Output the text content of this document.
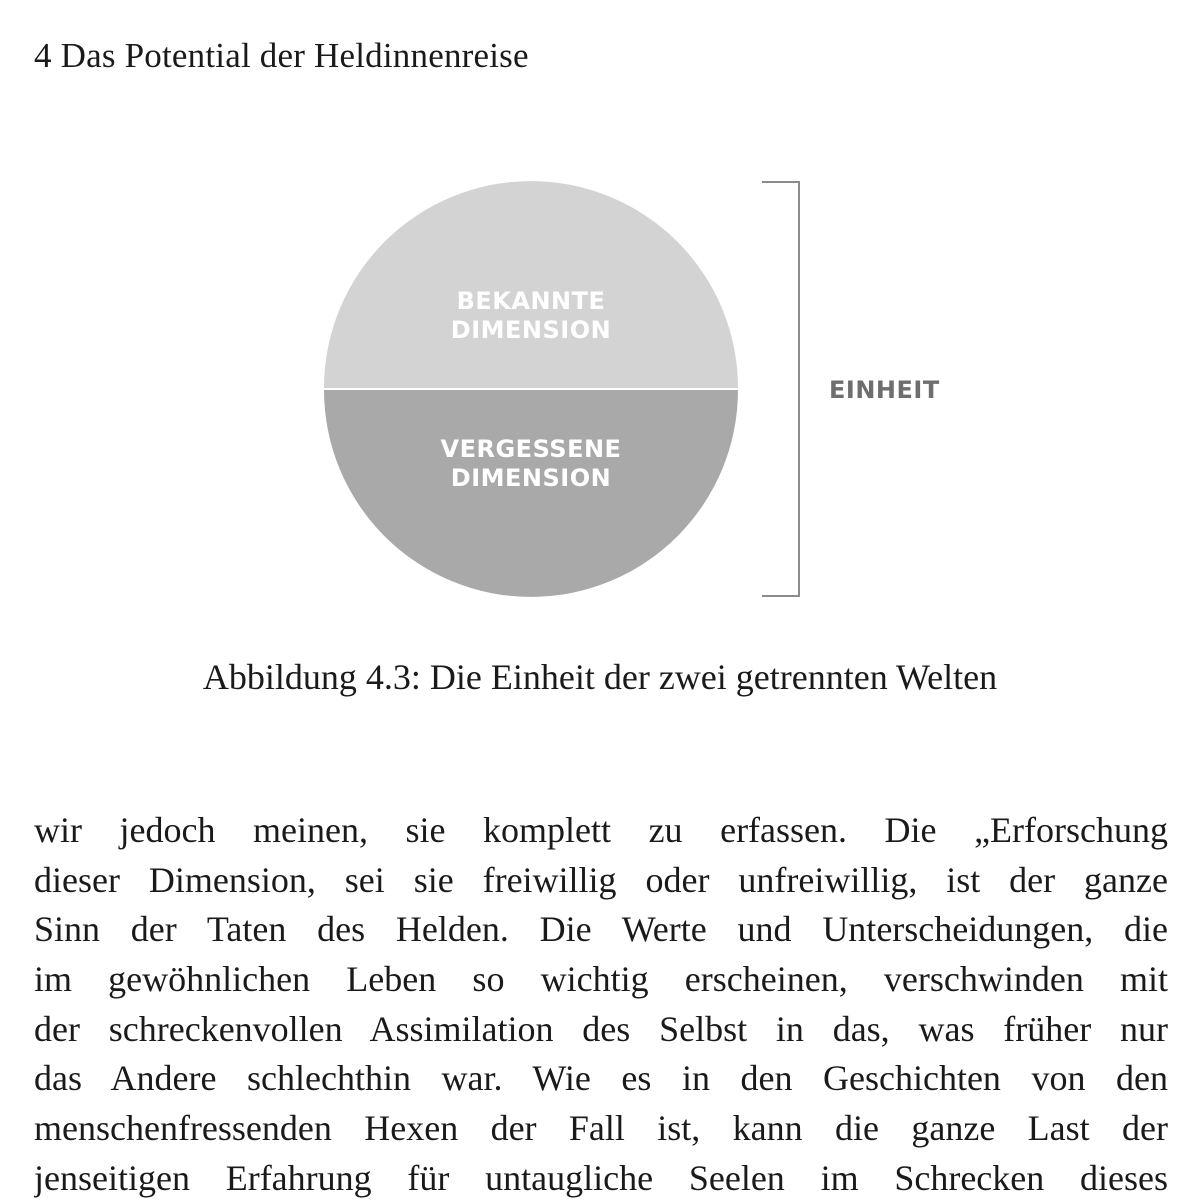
4 Das Potential der Heldinnenreise
BEKANNTE
DIMENSION
VERGESSENE
DIMENSION
EINHEIT
Abbildung 4.3: Die Einheit der zwei getrennten Welten
wir jedoch meinen, sie komplett zu erfassen. Die „Erforschung
dieser Dimension, sei sie freiwillig oder unfreiwillig, ist der ganze
Sinn der Taten des Helden. Die Werte und Unterscheidungen, die
im gewöhnlichen Leben so wichtig erscheinen, verschwinden mit
der schreckenvollen Assimilation des Selbst in das, was früher nur
das Andere schlechthin war. Wie es in den Geschichten von den
menschenfressenden Hexen der Fall ist, kann die ganze Last der
jenseitigen Erfahrung für untaugliche Seelen im Schrecken dieses
